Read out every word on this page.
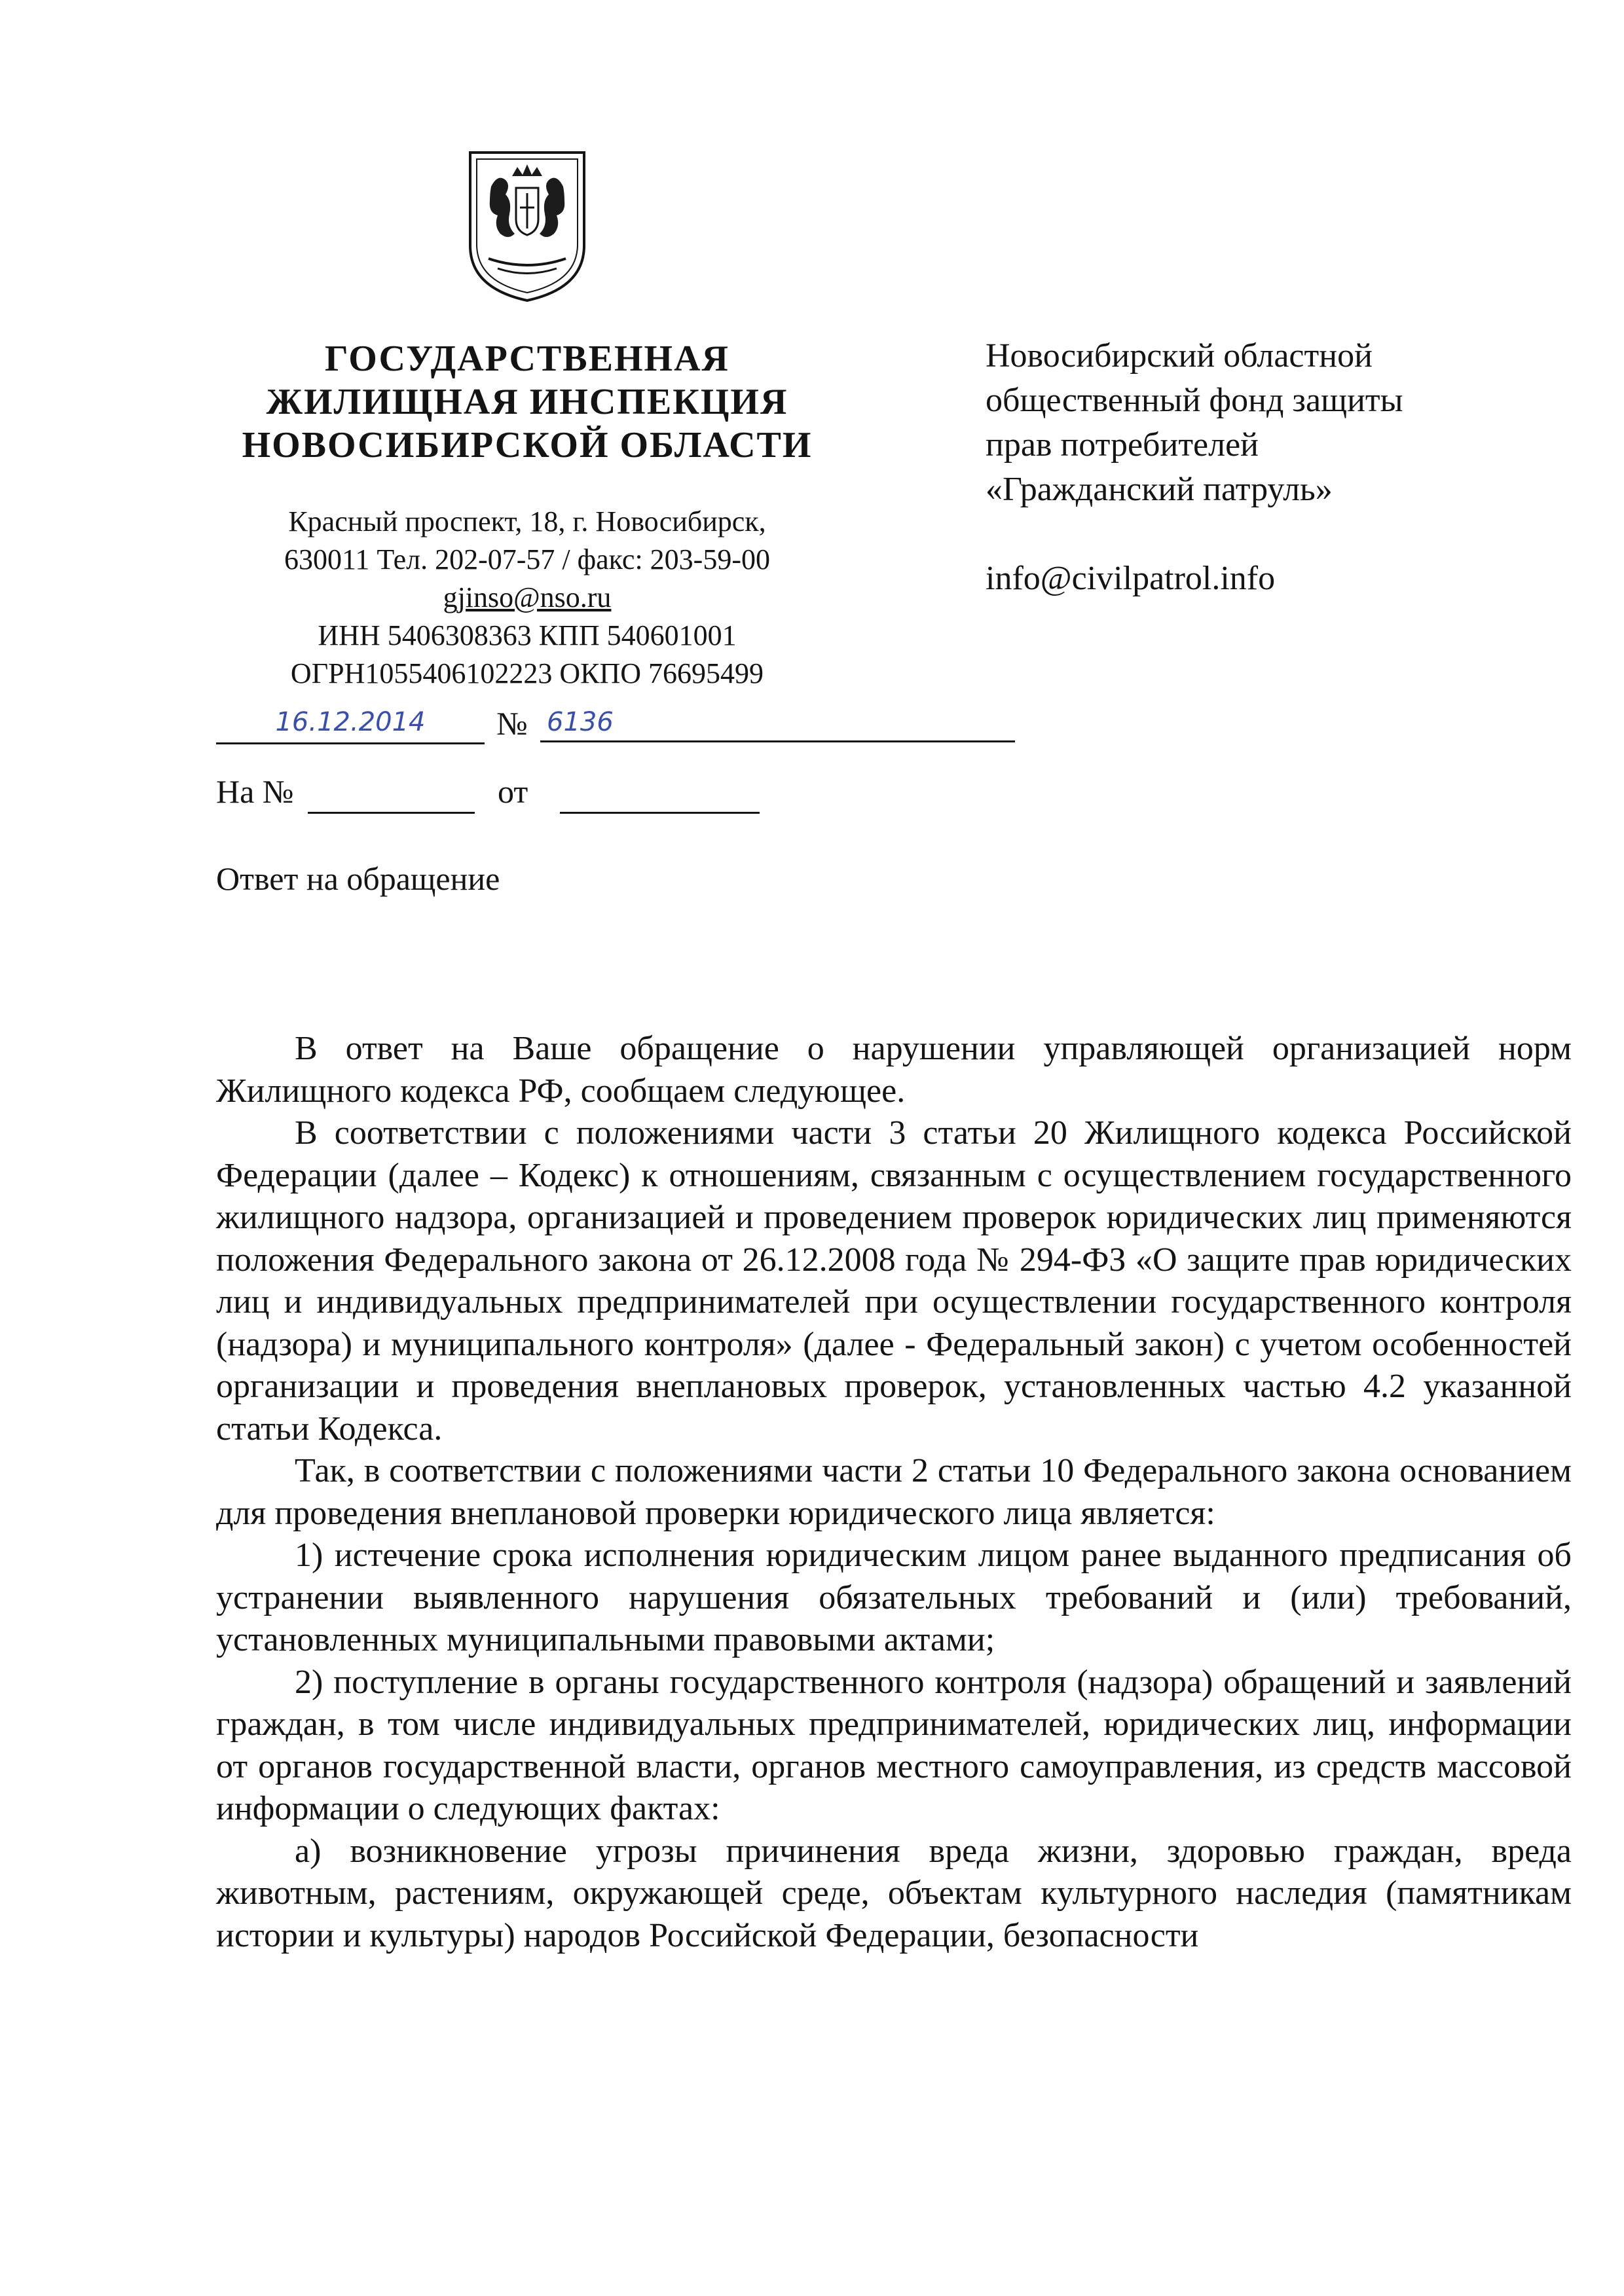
ГОСУДАРСТВЕННАЯ
ЖИЛИЩНАЯ ИНСПЕКЦИЯ
НОВОСИБИРСКОЙ ОБЛАСТИ
Красный проспект, 18, г. Новосибирск,
630011 Тел. 202-07-57 / факс: 203-59-00
gjinso@nso.ru
ИНН 5406308363 КПП 540601001
ОГРН1055406102223 ОКПО 76695499
Новосибирский областной
общественный фонд защиты
прав потребителей
«Гражданский патруль»
info@civilpatrol.info
16.12.2014	№ 6136
На №	от
Ответ на обращение

В ответ на Ваше обращение о нарушении управляющей организацией норм Жилищного кодекса РФ, сообщаем следующее.

В соответствии с положениями части 3 статьи 20 Жилищного кодекса Российской Федерации (далее – Кодекс) к отношениям, связанным с осуществлением государственного жилищного надзора, организацией и проведением проверок юридических лиц применяются положения Федерального закона от 26.12.2008 года № 294-ФЗ «О защите прав юридических лиц и индивидуальных предпринимателей при осуществлении государственного контроля (надзора) и муниципального контроля» (далее - Федеральный закон) с учетом особенностей организации и проведения внеплановых проверок, установленных частью 4.2 указанной статьи Кодекса.

Так, в соответствии с положениями части 2 статьи 10 Федерального закона основанием для проведения внеплановой проверки юридического лица является:

1) истечение срока исполнения юридическим лицом ранее выданного предписания об устранении выявленного нарушения обязательных требований и (или) требований, установленных муниципальными правовыми актами;

2) поступление в органы государственного контроля (надзора) обращений и заявлений граждан, в том числе индивидуальных предпринимателей, юридических лиц, информации от органов государственной власти, органов местного самоуправления, из средств массовой информации о следующих фактах:

а) возникновение угрозы причинения вреда жизни, здоровью граждан, вреда животным, растениям, окружающей среде, объектам культурного наследия (памятникам истории и культуры) народов Российской Федерации, безопасности
